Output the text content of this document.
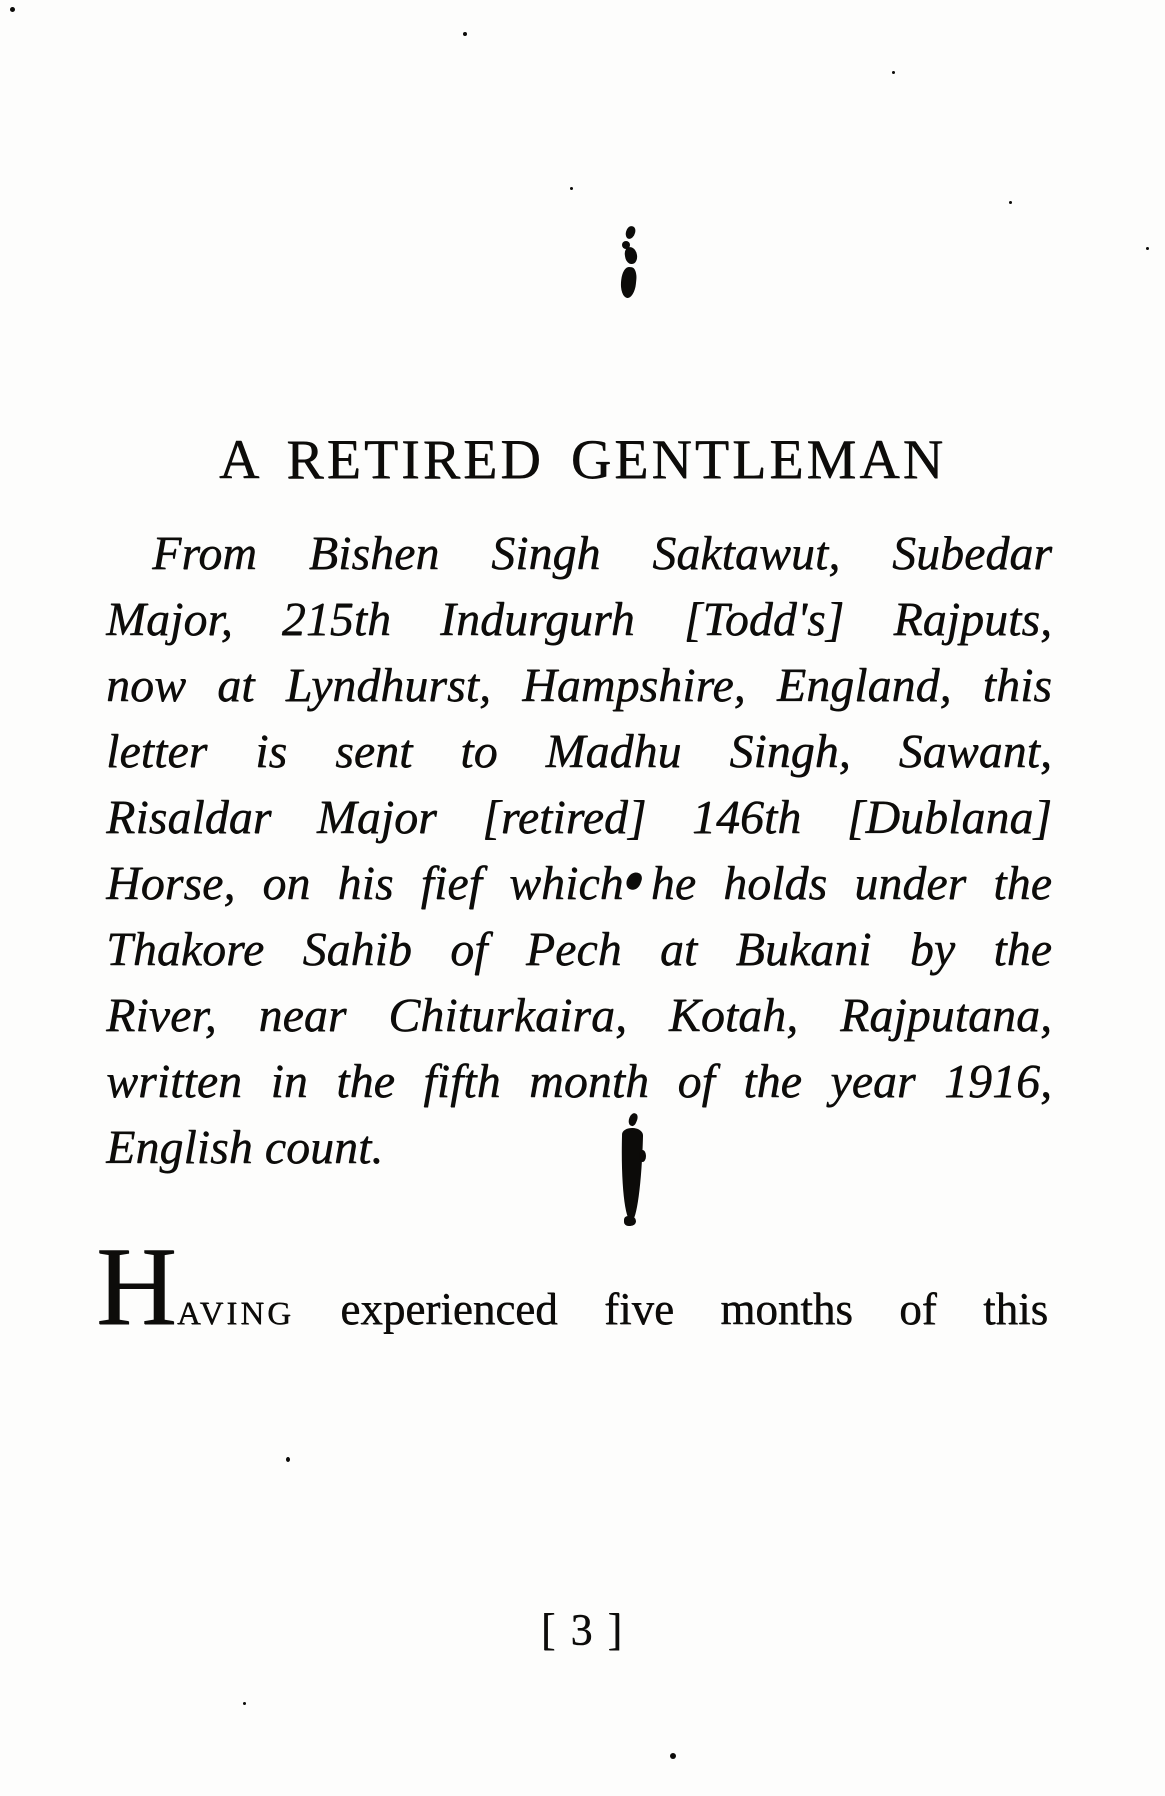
A RETIRED GENTLEMAN
From Bishen Singh Saktawut, Subedar
Major, 215th Indurgurh [Todd's] Rajputs,
now at Lyndhurst, Hampshire, England, this
letter is sent to Madhu Singh, Sawant,
Risaldar Major [retired] 146th [Dublana]
Horse, on his fief which he holds under the
Thakore Sahib of Pech at Bukani by the
River, near Chiturkaira, Kotah, Rajputana,
written in the fifth month of the year 1916,
English count.
HAVING experienced five months of this
[ 3 ]
